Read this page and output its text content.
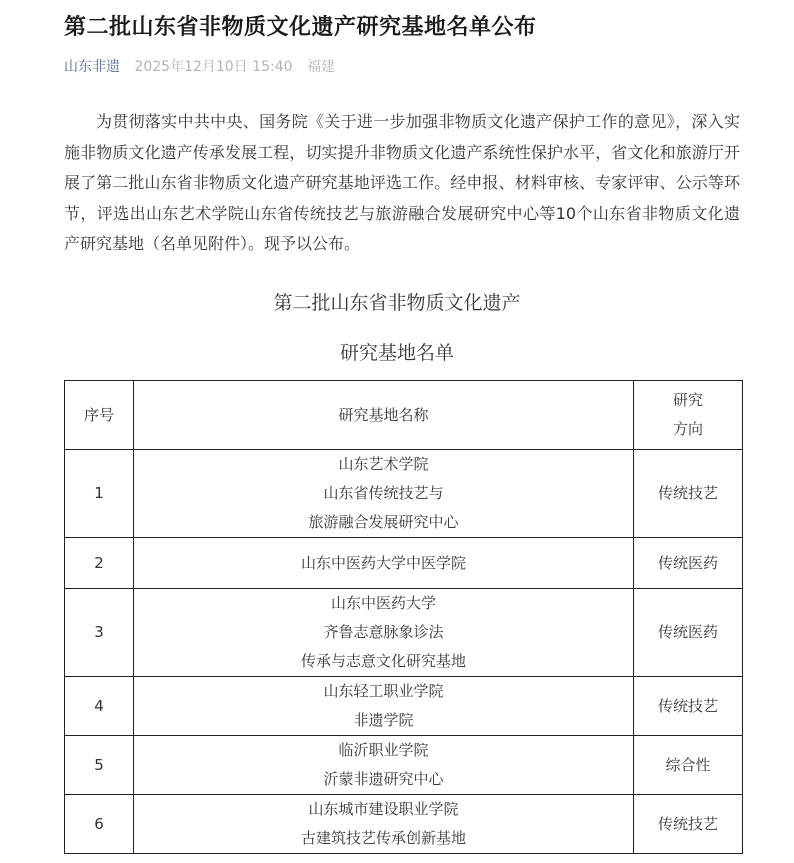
第二批山东省非物质文化遗产研究基地名单公布
山东非遗 2025年12月10日 15:40 福建

为贯彻落实中共中央、国务院《关于进一步加强非物质文化遗产保护工作的意见》，深入实施非物质文化遗产传承发展工程，切实提升非物质文化遗产系统性保护水平，省文化和旅游厅开展了第二批山东省非物质文化遗产研究基地评选工作。经申报、材料审核、专家评审、公示等环节，评选出山东艺术学院山东省传统技艺与旅游融合发展研究中心等10个山东省非物质文化遗产研究基地（名单见附件）。现予以公布。

第二批山东省非物质文化遗产
研究基地名单
序号	研究基地名称	研究
方向

1	山东艺术学院
山东省传统技艺与
旅游融合发展研究中心	传统技艺
2	山东中医药大学中医学院	传统医药
3	山东中医药大学
齐鲁志意脉象诊法
传承与志意文化研究基地	传统医药
4	山东轻工职业学院
非遗学院	传统技艺
5	临沂职业学院
沂蒙非遗研究中心	综合性
6	山东城市建设职业学院
古建筑技艺传承创新基地	传统技艺
